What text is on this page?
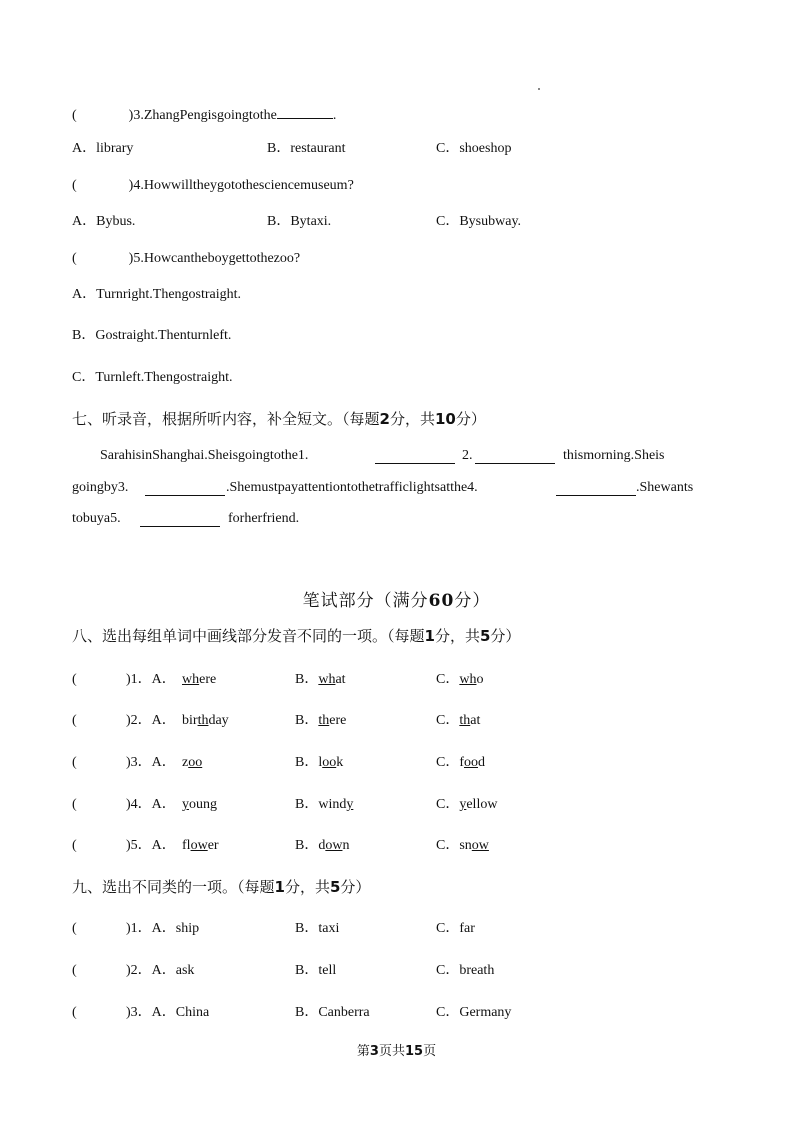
(	)3.ZhangPengisgoingtothe	.
A．library	B．restaurant	C．shoeshop
(	)4.Howwilltheygotothesciencemuseum?
A．Bybus.	B．Bytaxi.	C．Bysubway.
(	)5.Howcantheboygettothezoo?
A．Turnright.Thengostraight.
B．Gostraight.Thenturnleft.
C．Turnleft.Thengostraight.
七、听录音，根据所听内容，补全短文。（每题2分，共10分）
SarahisinShanghai.Sheisgoingtothe1.	2.	thismorning.Sheis
goingby3.	.Shemustpayattentiontothetrafficlightsatthe4.	.Shewants
tobuya5.	forherfriend.
笔试部分（满分60分）
八、选出每组单词中画线部分发音不同的一项。（每题1分，共5分）
(	)1．A． where	B．what	C．who
(	)2．A． birthday	B．there	C．that
(	)3．A． zoo	B．look	C．food
(	)4．A． young	B．windy	C．yellow
(	)5．A． flower	B．down	C．snow
九、选出不同类的一项。（每题1分，共5分）
(	)1．A．ship	B．taxi	C．far
(	)2．A．ask	B．tell	C．breath
(	)3．A．China	B．Canberra	C．Germany
第3页共15页
